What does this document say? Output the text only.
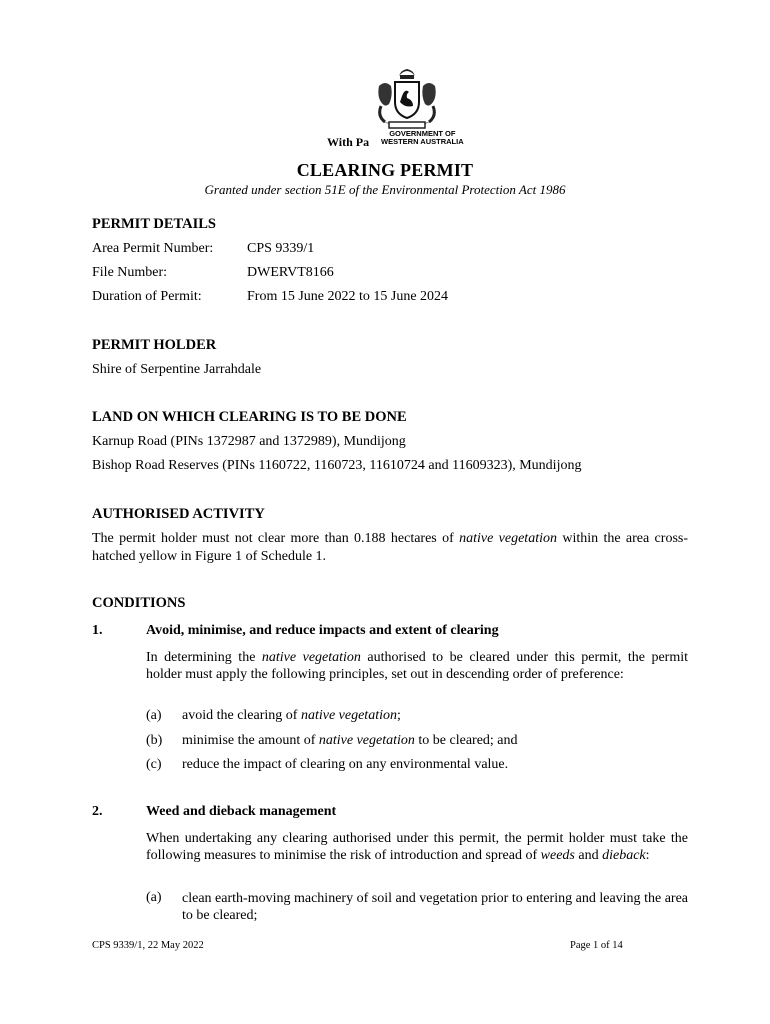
With Pa
GOVERNMENT OF
WESTERN AUSTRALIA
CLEARING PERMIT
Granted under section 51E of the Environmental Protection Act 1986
PERMIT DETAILS
Area Permit Number: CPS 9339/1
File Number:	DWERVT8166
Duration of Permit:	From 15 June 2022 to 15 June 2024
PERMIT HOLDER
Shire of Serpentine Jarrahdale
LAND ON WHICH CLEARING IS TO BE DONE
Karnup Road (PINs 1372987 and 1372989), Mundijong
Bishop Road Reserves (PINs 1160722, 1160723, 11610724 and 11609323), Mundijong
AUTHORISED ACTIVITY
The permit holder must not clear more than 0.188 hectares of native vegetation within the area cross-hatched yellow in Figure 1 of Schedule 1.
CONDITIONS
1.	Avoid, minimise, and reduce impacts and extent of clearing
In determining the native vegetation authorised to be cleared under this permit, the permit holder must apply the following principles, set out in descending order of preference:
(a) avoid the clearing of native vegetation;
(b) minimise the amount of native vegetation to be cleared; and
(c) reduce the impact of clearing on any environmental value.
2.	Weed and dieback management
When undertaking any clearing authorised under this permit, the permit holder must take the following measures to minimise the risk of introduction and spread of weeds and dieback:
(a) clean earth-moving machinery of soil and vegetation prior to entering and leaving the area to be cleared;
CPS 9339/1, 22 May 2022	Page 1 of 14
